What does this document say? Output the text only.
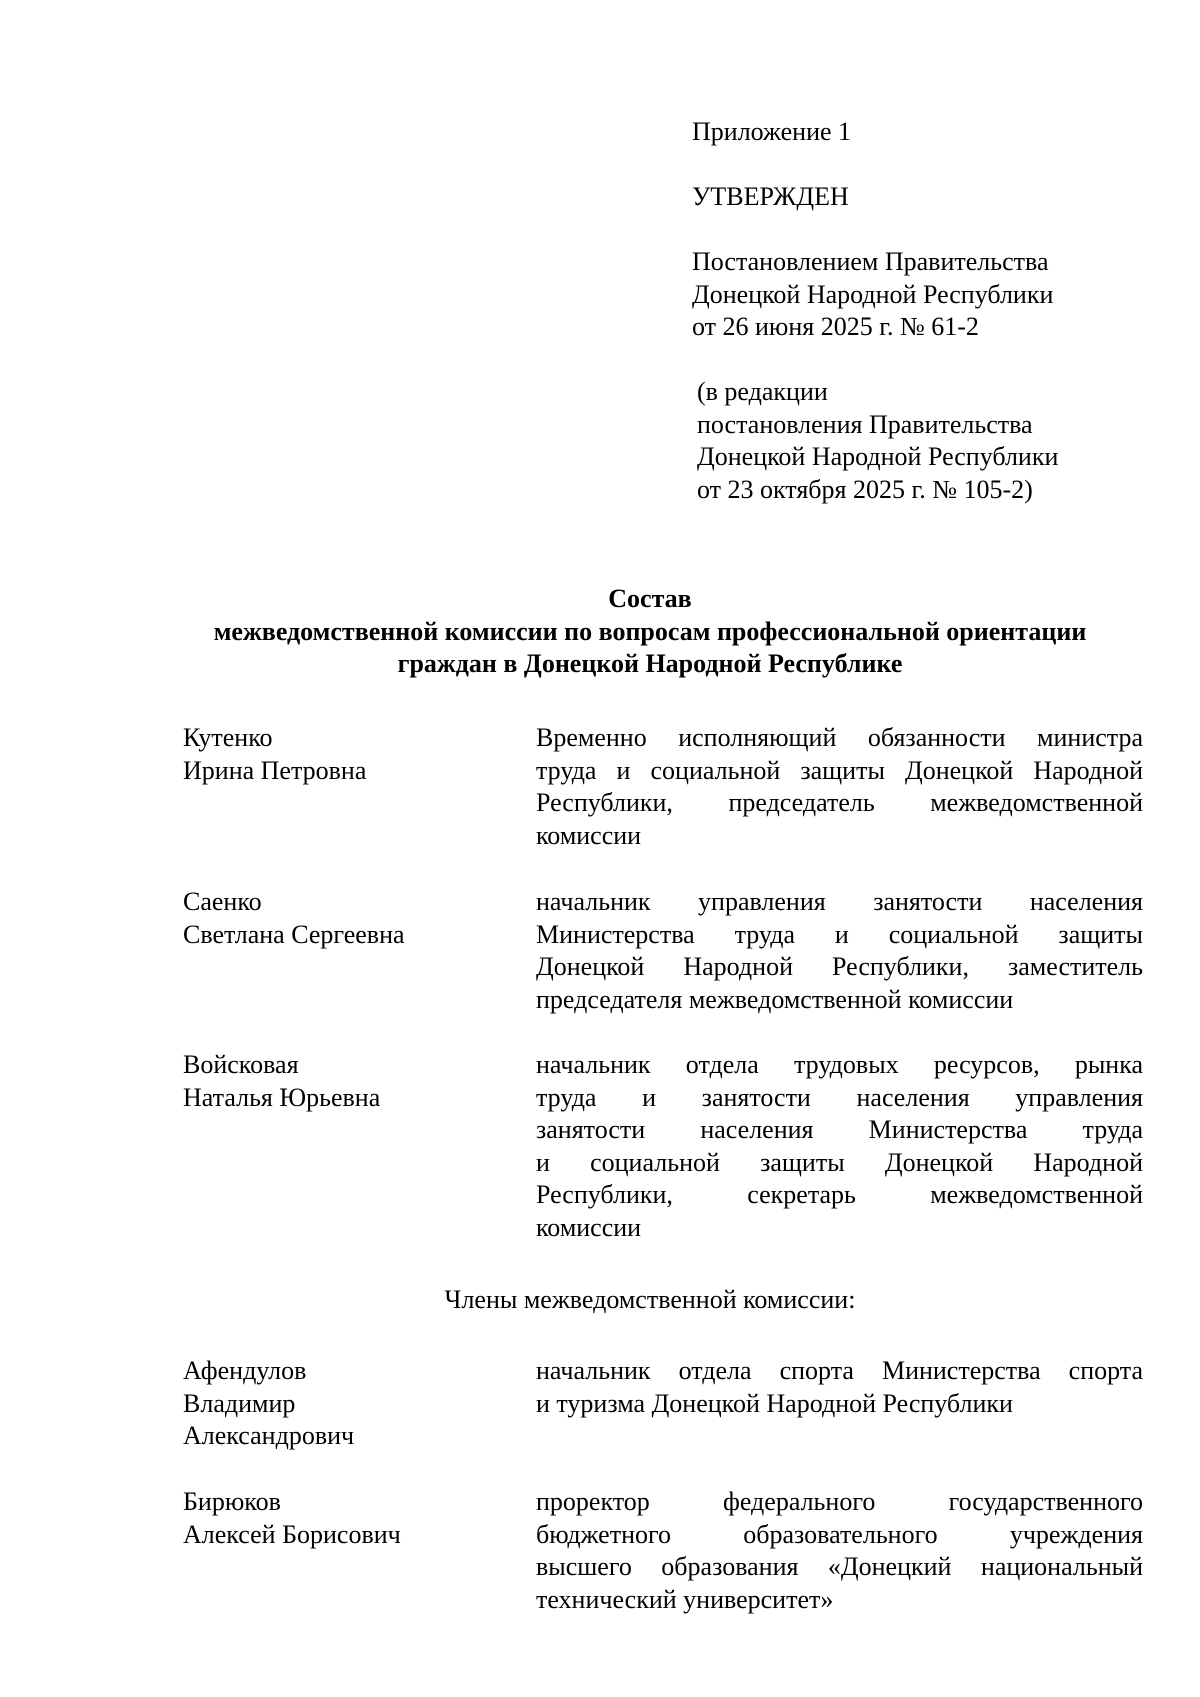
Приложение 1
УТВЕРЖДЕН
Постановлением Правительства
Донецкой Народной Республики
от 26 июня 2025 г. № 61-2
(в редакции
постановления Правительства
Донецкой Народной Республики
от 23 октября 2025 г. № 105-2)
Состав
межведомственной комиссии по вопросам профессиональной ориентации
граждан в Донецкой Народной Республике
Кутенко
Ирина Петровна
Временно исполняющий обязанности министра
труда и социальной защиты Донецкой Народной
Республики, председатель межведомственной
комиссии
Саенко
Светлана Сергеевна
начальник управления занятости населения
Министерства труда и социальной защиты
Донецкой Народной Республики, заместитель
председателя межведомственной комиссии
Войсковая
Наталья Юрьевна
начальник отдела трудовых ресурсов, рынка
труда и занятости населения управления
занятости населения Министерства труда
и социальной защиты Донецкой Народной
Республики, секретарь межведомственной
комиссии
Члены межведомственной комиссии:
Афендулов
Владимир
Александрович
начальник отдела спорта Министерства спорта
и туризма Донецкой Народной Республики
Бирюков
Алексей Борисович
проректор федерального государственного
бюджетного образовательного учреждения
высшего образования «Донецкий национальный
технический университет»
